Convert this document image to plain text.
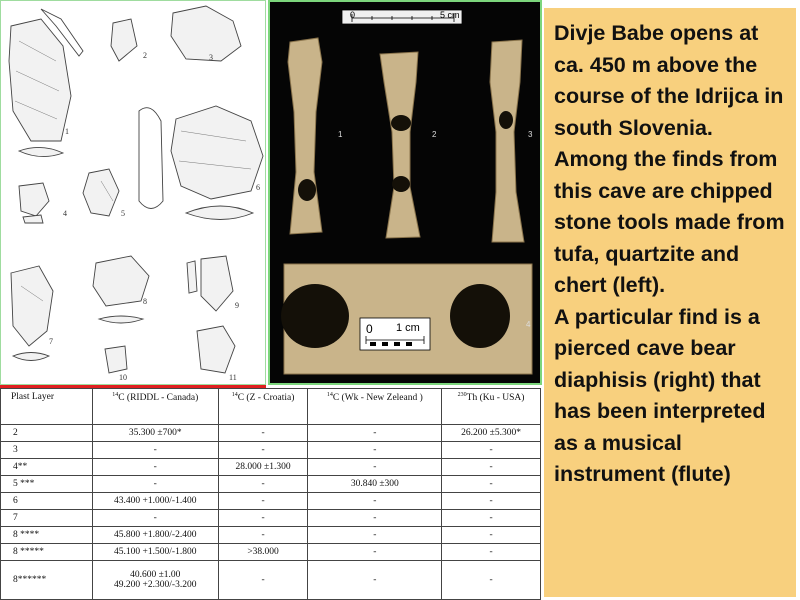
1
2	3
4	5
6
7
8	9
10	11
0	5 cm
0 1 cm
1	2	3
4
Plast Layer	$^{14}$C (RIDDL - Canada)	$^{14}$C (Z - Croatia)	$^{14}$C (Wk - New Zeleand )	$^{230}$Th (Ku - USA)
2	35.300 ±700*	-	-	26.200 ±5.300*
3	-	-	-	-
4**	-	28.000 ±1.300	-	-
5 ***	-	-	30.840 ±300	-
6	43.400 +1.000/-1.400	-	-	-
7	-	-	-	-
8 ****	45.800 +1.800/-2.400	-	-	-
8 *****	45.100 +1.500/-1.800	>38.000	-	-
8******	40.600 ±1.00
49.200 +2.300/-3.200	-	-	-

Divje Babe opens at ca. 450 m above the course of the Idrijca in south Slovenia. Among the finds from this cave are chipped stone tools made from tufa, quartzite and chert (left).

A particular find is a pierced cave bear diaphisis (right) that has been interpreted as a musical instrument (flute)
